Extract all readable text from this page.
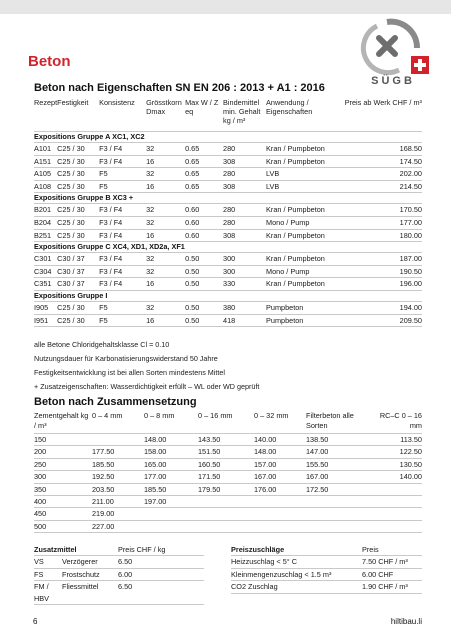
SÜGB
Beton
Beton nach Eigenschaften SN EN 206 : 2013 + A1 : 2016
Rezept	Festigkeit	Konsistenz	Grösstkorn Dmax	Max W / Z eq	Bindemittel min. Gehalt kg / m³	Anwendung / Eigenschaften	Preis ab Werk CHF / m³
Expositions Gruppe A XC1, XC2							
A101	C25 / 30	F3 / F4	32	0.65	280	Kran / Pumpbeton	168.50
A151	C25 / 30	F3 / F4	16	0.65	308	Kran / Pumpbeton	174.50
A105	C25 / 30	F5	32	0.65	280	LVB	202.00
A108	C25 / 30	F5	16	0.65	308	LVB	214.50
Expositions Gruppe B XC3 +							
B201	C25 / 30	F3 / F4	32	0.60	280	Kran / Pumpbeton	170.50
B204	C25 / 30	F3 / F4	32	0.60	280	Mono / Pump	177.00
B251	C25 / 30	F3 / F4	16	0.60	308	Kran / Pumpbeton	180.00
Expositions Gruppe C XC4, XD1, XD2a, XF1							
C301	C30 / 37	F3 / F4	32	0.50	300	Kran / Pumpbeton	187.00
C304	C30 / 37	F3 / F4	32	0.50	300	Mono / Pump	190.50
C351	C30 / 37	F3 / F4	16	0.50	330	Kran / Pumpbeton	196.00
Expositions Gruppe I							
I905	C25 / 30	F5	32	0.50	380	Pumpbeton	194.00
I951	C25 / 30	F5	16	0.50	418	Pumpbeton	209.50
alle Betone Chloridgehaltsklasse Cl = 0.10
Nutzungsdauer für Karbonatisierungswiderstand 50 Jahre
Festigkeitsentwicklung ist bei allen Sorten mindestens Mittel
+ Zusatzeigenschaften: Wasserdichtigkeit erfüllt – WL oder WD geprüft
Beton nach Zusammensetzung
Zementgehalt kg / m³	0 – 4 mm	0 – 8 mm	0 – 16 mm	0 – 32 mm	Filterbeton alle Sorten	RC–C 0 – 16 mm
150		148.00	143.50	140.00	138.50	113.50
200	177.50	158.00	151.50	148.00	147.00	122.50
250	185.50	165.00	160.50	157.00	155.50	130.50
300	192.50	177.00	171.50	167.00	167.00	140.00
350	203.50	185.50	179.50	176.00	172.50	
400	211.00	197.00				
450	219.00					
500	227.00					
Zusatzmittel		Preis CHF / kg
VS	Verzögerer	6.50
FS	Frostschutz	6.00
FM / HBV	Fliessmittel	6.50
Preiszuschläge	Preis
Heizzuschlag < 5° C	7.50 CHF / m³
Kleinmengenzuschlag < 1.5 m³	6.00 CHF
CO2 Zuschlag	1.90 CHF / m³
6	hiltibau.li
